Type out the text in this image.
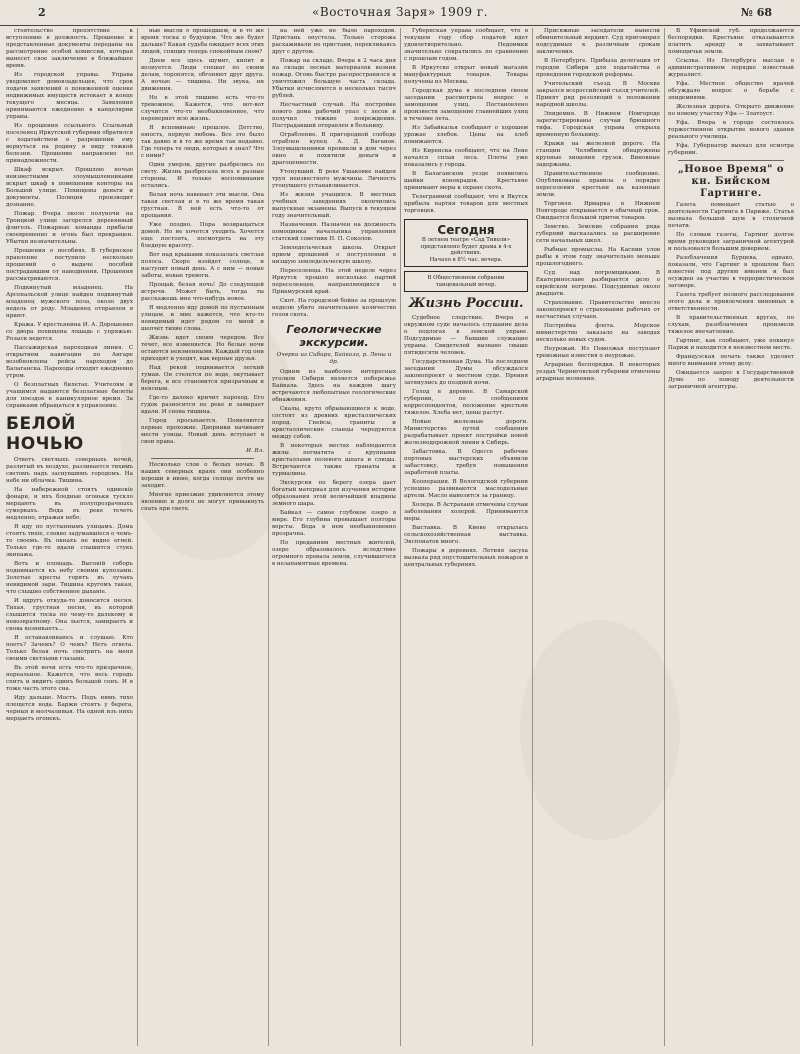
2	«Восточная Заря» 1909 г.	№ 68

стоятельство препятствие к вступлению в должность. Прошение и представленные документы переданы на рассмотрение особой комиссии, которая вынесет свое заключение в ближайшее время.

Из городской управы. Управа уведомляет домовладельцев, что срок подачи заявлений о пониженной оценке недвижимых имуществ истекает в конце текущего месяца. Заявления принимаются ежедневно в канцелярии управы.

Из прошения ссыльного. Ссыльный поселенец Иркутской губернии обратился с ходатайством о разрешении ему вернуться на родину в виду тяжкой болезни. Прошение направлено по принадлежности.

Шкаф вскрыт. Прошлою ночью неизвестными злоумышленниками вскрыт шкаф в помещении конторы на Большой улице. Похищены деньги и документы. Полиция производит дознание.

Пожар. Вчера около полуночи на Троицкой улице загорелся деревянный флигель. Пожарные команды прибыли своевременно и огонь был прекращен. Убытки незначительны.

Прошения о пособиях. В губернское правление поступило несколько прошений о выдаче пособий пострадавшим от наводнения. Прошения рассматриваются.

Подкинутый младенец. На Арсенальской улице найден подкинутый младенец мужского пола, около двух недель от роду. Младенец отправлен в приют.

Кража. У крестьянина И. А. Дорошенко со двора похищена лошадь с упряжью. Розыск ведется.

Пассажирская пароходная линия. С открытием навигации по Ангаре возобновлены рейсы пароходов до Балаганска. Пароходы отходят ежедневно утром.

О безплатных билетах. Учителям и учащимся выдаются безплатные билеты для поездок в каникулярное время. За справками обращаться в управление.

БЕЛОЙ НОЧЬЮ

Ответъ светлыхъ северныхъ ночей, разлитый въ воздухе, разливается тихимъ светомъ надъ заснувшимъ городомъ. На небе ни облачка. Тишина.

На набережной стоятъ одинокіе фонари, и ихъ бледные огоньки тускло мерцаютъ въ полупрозрачныхъ сумеркахъ. Вода въ реке течетъ медленно, отражая небо.

Я иду по пустыннымъ улицамъ. Дома стоятъ тихіе, словно задумавшіеся о чемъ-то своемъ. Въ окнахъ не видно огней. Только где-то вдали слышится стукъ экипажа.

Вотъ и площадь. Высокій соборъ поднимается къ небу своими куполами. Золотые кресты горятъ въ лучахъ невидимой зари. Тишина кругомъ такая, что слышно собственное дыханіе.

И вдругъ откуда-то доносится песня. Тихая, грустная песня, въ которой слышится тоска по чему-то далекому и невозвратному. Она льется, замираетъ и снова возникаетъ...

Я останавливаюсь и слушаю. Кто поетъ? Зачемъ? О чемъ? Нетъ ответа. Только белая ночь смотритъ на меня своими светлыми глазами.

Въ этой ночи есть что-то призрачное, нереальное. Кажется, что весь городъ спитъ и видитъ одинъ большой сонъ. И я тоже часть этого сна.

Иду дальше. Мостъ. Подъ нимъ тихо плещется вода. Баржи стоятъ у берега, черныя и молчаливыя. На одной изъ нихъ мерцаетъ огонекъ.

ные мысли о прошедшем, и в то же время тоска о будущем. Что же будет дальше? Какая судьба ожидает всех этих людей, спящих теперь спокойным сном?

Днем все здесь шумит, кипит и волнуется. Люди спешат по своим делам, торопятся, обгоняют друг друга. А ночью — тишина. Ни звука, ни движения.

Но в этой тишине есть что-то тревожное. Кажется, что вот-вот случится что-то необыкновенное, что перевернет всю жизнь.

Я вспоминаю прошлое. Детство, юность, первую любовь. Все это было так давно и в то же время так недавно. Где теперь те люди, которых я знал? Что с ними?

Одни умерли, другие разбрелись по свету. Жизнь разбросала всех в разные стороны. И только воспоминания остались.

Белая ночь навевает эти мысли. Она такая светлая и в то же время такая грустная. В ней есть что-то от прощания.

Уже поздно. Пора возвращаться домой. Но не хочется уходить. Хочется еще постоять, посмотреть на эту бледную красоту.

Вот над крышами показалась светлая полоса. Скоро взойдет солнце, и наступит новый день. А с ним — новые заботы, новые тревоги.

Прощай, белая ночь! До следующей встречи. Может быть, тогда ты расскажешь мне что-нибудь новое.

Я медленно иду домой по пустынным улицам, и мне кажется, что кто-то невидимый идет рядом со мной и шепчет тихие слова.

Жизнь идет своим чередом. Все течет, все изменяется. Но белые ночи остаются неизменными. Каждый год они приходят и уходят, как верные друзья.

Над рекой поднимается легкий туман. Он стелется по воде, окутывает берега, и все становится призрачным и неясным.

Где-то далеко кричит пароход. Его гудок разносится по реке и замирает вдали. И снова тишина.

Город просыпается. Появляются первые прохожие. Дворники начинают мести улицы. Новый день вступает в свои права.

И. Вл.

Несколько слов о белых ночах. В наших северных краях они особенно хороши в июне, когда солнце почти не заходит.

Многие приезжие удивляются этому явлению и долго не могут привыкнуть спать при свете.

на ней уже не было пароходов. Пристань опустела. Только сторожа расхаживали по пристани, перекликаясь друг с другом.

Пожар на складе. Вчера в 2 часа дня на складе лесных материалов возник пожар. Огонь быстро распространился и уничтожил большую часть склада. Убытки исчисляются в несколько тысяч рублей.

Несчастный случай. На постройке нового дома рабочий упал с лесов и получил тяжкие повреждения. Пострадавший отправлен в больницу.

Ограбление. В пригородной слободе ограблен купец А. Д. Ваганов. Злоумышленники проникли в дом через окно и похитили деньги и драгоценности.

Утонувший. В реке Ушаковке найден труп неизвестного мужчины. Личность утонувшего устанавливается.

Из жизни учащихся. В местных учебных заведениях окончились выпускные экзамены. Выпуск в текущем году значительный.

Назначения. Назначен на должность помощника начальника управления статский советник Н. П. Соколов.

Земледельческая школа. Открыт прием прошений о поступлении в низшую земледельческую школу.

Переселенцы. На этой неделе через Иркутск прошло несколько партий переселенцев, направляющихся в Приамурский край.

Скот. На городской бойне за прошлую неделю убито значительное количество голов скота.

Геологические экскурсии.
Очерки из Сибири, Байкала, р. Лены и др.

Одним из наиболее интересных уголков Сибири является побережье Байкала. Здесь на каждом шагу встречаются любопытные геологические обнажения.

Скалы, круто обрывающиеся к воде, состоят из древних кристаллических пород. Гнейсы, граниты и кристаллические сланцы чередуются между собой.

В некоторых местах наблюдаются жилы пегматита с крупными кристаллами полевого шпата и слюды. Встречаются также гранаты и турмалины.

Экскурсия по берегу озера дает богатый материал для изучения истории образования этой величайшей впадины земного шара.

Байкал — самое глубокое озеро в мире. Его глубина превышает полторы версты. Вода в нем необыкновенно прозрачна.

По преданиям местных жителей, озеро образовалось вследствие огромного провала земли, случившегося в незапамятные времена.

Губернская управа сообщает, что в текущем году сбор податей идет удовлетворительно. Недоимки значительно сократились по сравнению с прошлым годом.

В Иркутске открыт новый магазин мануфактурных товаров. Товары получены из Москвы.

Городская дума в последнем своем заседании рассмотрела вопрос о замощении улиц. Постановлено произвести замощение главнейших улиц в течение лета.

Из Забайкалья сообщают о хорошем урожае хлебов. Цены на хлеб понижаются.

Из Киренска сообщают, что на Лене начался сплав леса. Плоты уже показались у города.

В Балаганском уезде появились шайки конокрадов. Крестьяне принимают меры к охране скота.

Телеграммой сообщают, что в Якутск прибыла партия товаров для местных торговцев.

Сегодня
В летнем театре «Сад Тиволи»
представлено будет драма в 4-х действиях.
Начало в 8½ час. вечера.
В Общественном собрании танцевальный вечер.
Жизнь России.

Судебное следствие. Вчера в окружном суде началось слушание дела о подлогах в земской управе. Подсудимые — бывшие служащие управы. Свидетелей вызвано свыше пятидесяти человек.

Государственная Дума. На последнем заседании Думы обсуждался законопроект о местном суде. Прения затянулись до поздней ночи.

Голод в деревне. В Самарской губернии, по сообщениям корреспондентов, положение крестьян тяжелое. Хлеба нет, цены растут.

Новые железные дороги. Министерство путей сообщения разрабатывает проект постройки новой железнодорожной линии в Сибирь.

Забастовка. В Одессе рабочие портовых мастерских объявили забастовку, требуя повышения заработной платы.

Кооперация. В Вологодской губернии успешно развиваются маслодельные артели. Масло вывозится за границу.

Холера. В Астрахани отмечены случаи заболевания холерой. Принимаются меры.

Выставка. В Киеве открылась сельскохозяйственная выставка. Экспонатов много.

Пожары в деревнях. Летняя засуха вызвала ряд опустошительных пожаров в центральных губерниях.

Присяжные заседатели вынесли обвинительный вердикт. Суд приговорил подсудимых к различным срокам заключения.

В Петербурге. Прибыла делегация от городов Сибири для ходатайства о проведении городской реформы.

Учительский съезд. В Москве закрылся всероссийский съезд учителей. Принят ряд резолюций о положении народной школы.

Эпидемия. В Нижнем Новгороде зарегистрированы случаи брюшного тифа. Городская управа открыла временную больницу.

Кражи на железной дороге. На станции Челябинск обнаружены крупные хищения грузов. Виновные задержаны.

Правительственное сообщение. Опубликованы правила о порядке переселения крестьян на казенные земли.

Торговля. Ярмарка в Нижнем Новгороде открывается в обычный срок. Ожидается большой приток товаров.

Земство. Земские собрания ряда губерний высказались за расширение сети начальных школ.

Рыбные промыслы. На Каспии улов рыбы в этом году значительно меньше прошлогоднего.

Суд над погромщиками. В Екатеринославе разбирается дело о еврейском погроме. Подсудимых около двадцати.

Страхование. Правительство внесло законопроект о страховании рабочих от несчастных случаев.

Постройка флота. Морское министерство заказало на заводах несколько новых судов.

Неурожай. Из Поволжья поступают тревожные известия о неурожае.

Аграрные беспорядки. В некоторых уездах Черниговской губернии отмечены аграрные волнения.

В Уфимской губ. продолжаются беспорядки. Крестьяне отказываются платить аренду и захватывают помещичьи земли.

Ссылка. Из Петербурга выслан в административном порядке известный журналист.

Уфа. Местное общество врачей обсуждало вопрос о борьбе с эпидемиями.

Железная дорога. Открыто движение по новому участку Уфа — Златоуст.

Уфа. Вчера в городе состоялось торжественное открытие нового здания реального училища.

Уфа. Губернатор выехал для осмотра губернии.

„Новое Время" о кн. Бийском Гартинге.

Газета помещает статью о деятельности Гартинга в Париже. Статья вызвала большой шум в столичной печати.

По словам газеты, Гартинг долгое время руководил заграничной агентурой и пользовался большим доверием.

Разоблачения Бурцева, однако, показали, что Гартинг в прошлом был известен под другим именем и был осужден за участие в террористическом заговоре.

Газета требует полного расследования этого дела и привлечения виновных к ответственности.

В правительственных кругах, по слухам, разоблачения произвели тяжелое впечатление.

Гартинг, как сообщают, уже покинул Париж и находится в неизвестном месте.

Французская печать также уделяет много внимания этому делу.

Ожидается запрос в Государственной Думе по поводу деятельности заграничной агентуры.
